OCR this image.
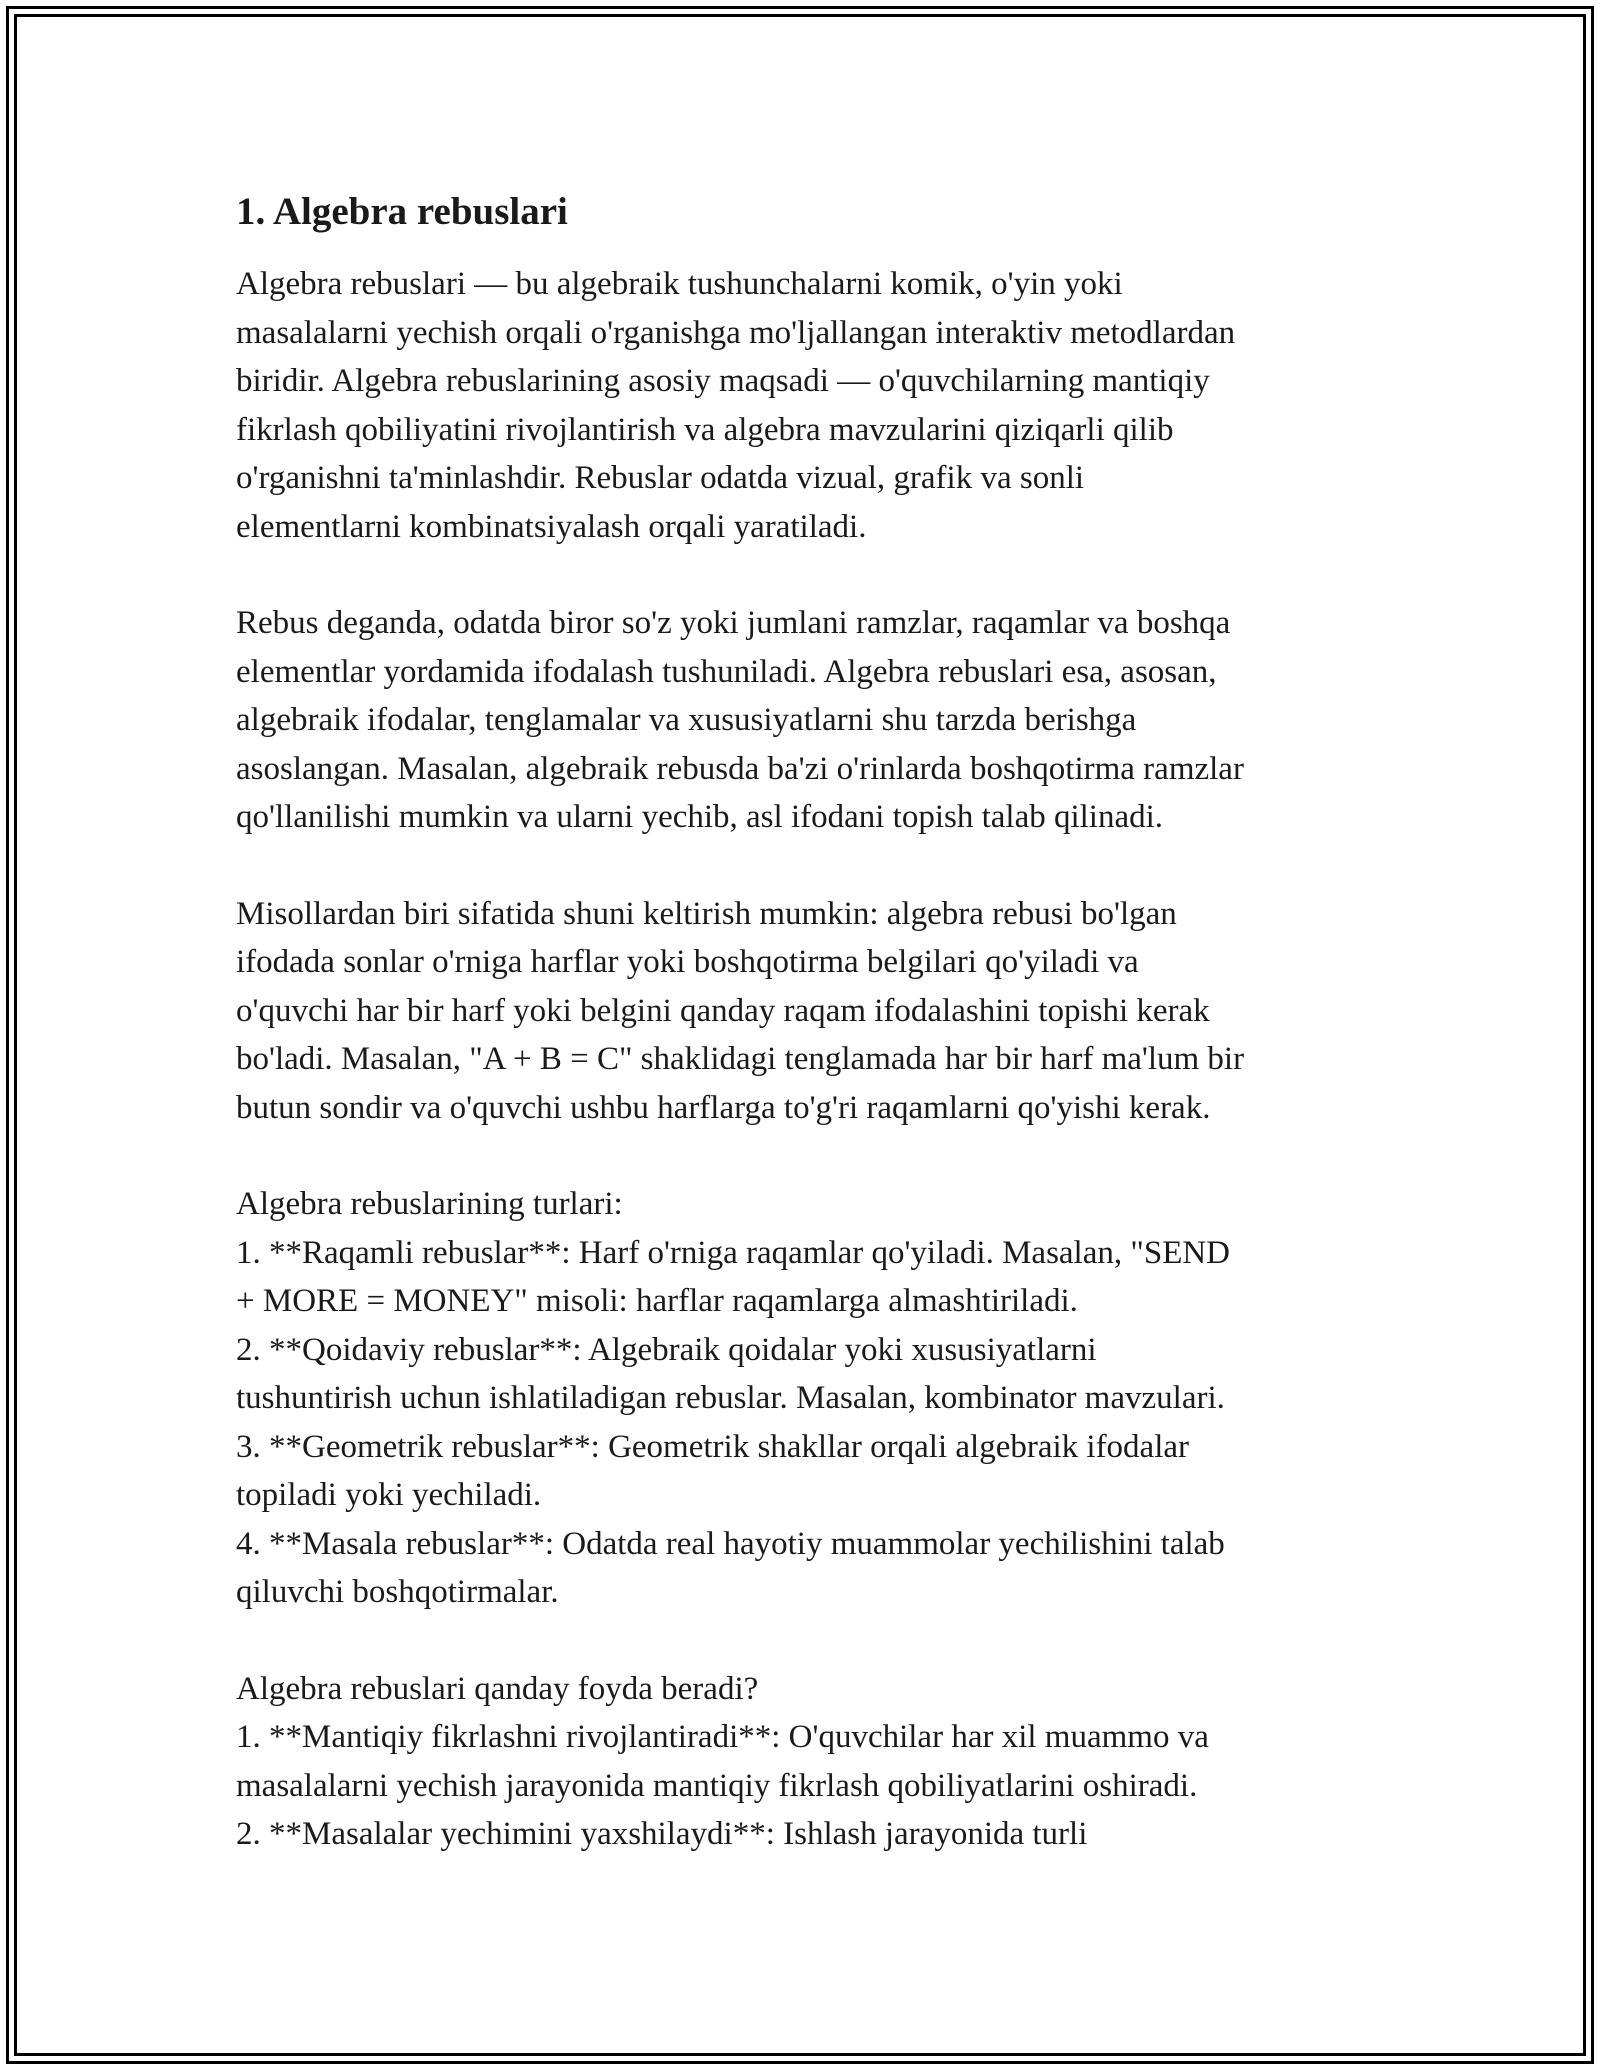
1. Algebra rebuslari

Algebra rebuslari — bu algebraik tushunchalarni komik, o'yin yoki
masalalarni yechish orqali o'rganishga mo'ljallangan interaktiv metodlardan
biridir. Algebra rebuslarining asosiy maqsadi — o'quvchilarning mantiqiy
fikrlash qobiliyatini rivojlantirish va algebra mavzularini qiziqarli qilib
o'rganishni ta'minlashdir. Rebuslar odatda vizual, grafik va sonli
elementlarni kombinatsiyalash orqali yaratiladi.

Rebus deganda, odatda biror so'z yoki jumlani ramzlar, raqamlar va boshqa
elementlar yordamida ifodalash tushuniladi. Algebra rebuslari esa, asosan,
algebraik ifodalar, tenglamalar va xususiyatlarni shu tarzda berishga
asoslangan. Masalan, algebraik rebusda ba'zi o'rinlarda boshqotirma ramzlar
qo'llanilishi mumkin va ularni yechib, asl ifodani topish talab qilinadi.

Misollardan biri sifatida shuni keltirish mumkin: algebra rebusi bo'lgan
ifodada sonlar o'rniga harflar yoki boshqotirma belgilari qo'yiladi va
o'quvchi har bir harf yoki belgini qanday raqam ifodalashini topishi kerak
bo'ladi. Masalan, "A + B = C" shaklidagi tenglamada har bir harf ma'lum bir
butun sondir va o'quvchi ushbu harflarga to'g'ri raqamlarni qo'yishi kerak.

Algebra rebuslarining turlari:
1. **Raqamli rebuslar**: Harf o'rniga raqamlar qo'yiladi. Masalan, "SEND
+ MORE = MONEY" misoli: harflar raqamlarga almashtiriladi.
2. **Qoidaviy rebuslar**: Algebraik qoidalar yoki xususiyatlarni
tushuntirish uchun ishlatiladigan rebuslar. Masalan, kombinator mavzulari.
3. **Geometrik rebuslar**: Geometrik shakllar orqali algebraik ifodalar
topiladi yoki yechiladi.
4. **Masala rebuslar**: Odatda real hayotiy muammolar yechilishini talab
qiluvchi boshqotirmalar.

Algebra rebuslari qanday foyda beradi?
1. **Mantiqiy fikrlashni rivojlantiradi**: O'quvchilar har xil muammo va
masalalarni yechish jarayonida mantiqiy fikrlash qobiliyatlarini oshiradi.
2. **Masalalar yechimini yaxshilaydi**: Ishlash jarayonida turli
